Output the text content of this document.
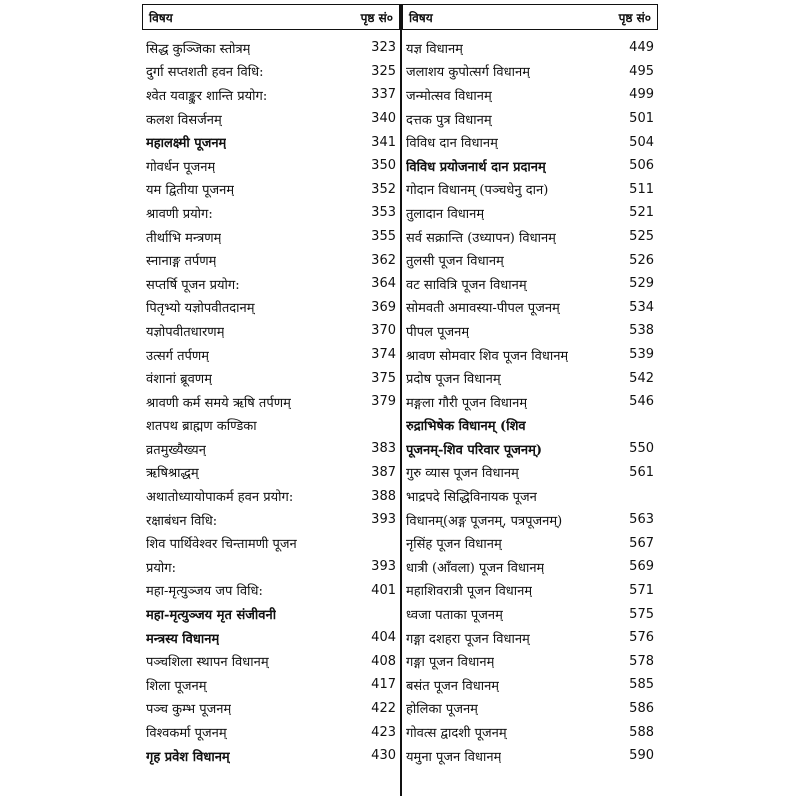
विषय	पृष्ठ सं०
सिद्ध कुञ्जिका स्तोत्रम्	323
दुर्गा सप्तशती हवन विधि:	325
श्वेत यवाङ्कुर शान्ति प्रयोग:	337
कलश विसर्जनम्	340
महालक्ष्मी पूजनम्	341
गोवर्धन पूजनम्	350
यम द्वितीया पूजनम्	352
श्रावणी प्रयोग:	353
तीर्थाभि मन्त्रणम्	355
स्नानाङ्ग तर्पणम्	362
सप्तर्षि पूजन प्रयोग:	364
पितृभ्यो यज्ञोपवीतदानम्	369
यज्ञोपवीतधारणम्	370
उत्सर्ग तर्पणम्	374
वंशानां ब्रूवणम्	375
श्रावणी कर्म समये ऋषि तर्पणम्	379
शतपथ ब्राह्मण कण्डिका
व्रतमुख्यैख्यन्	383
ऋषिश्राद्धम्	387
अथातोध्यायोपाकर्म हवन प्रयोग:	388
रक्षाबंधन विधि:	393
शिव पार्थिवेश्वर चिन्तामणी पूजन
प्रयोग:	393
महा-मृत्युञ्जय जप विधि:	401
महा-मृत्युञ्जय मृत संजीवनी
मन्त्रस्य विधानम्	404
पञ्चशिला स्थापन विधानम्	408
शिला पूजनम्	417
पञ्च कुम्भ पूजनम्	422
विश्वकर्मा पूजनम्	423
गृह प्रवेश विधानम्	430
विषय	पृष्ठ सं०
यज्ञ विधानम्	449
जलाशय कुपोत्सर्ग विधानम्	495
जन्मोत्सव विधानम्	499
दत्तक पुत्र विधानम्	501
विविध दान विधानम्	504
विविध प्रयोजनार्थ दान प्रदानम्	506
गोदान विधानम् (पञ्चधेनु दान)	511
तुलादान विधानम्	521
सर्व सक्रान्ति (उध्यापन) विधानम्	525
तुलसी पूजन विधानम्	526
वट सावित्रि पूजन विधानम्	529
सोमवती अमावस्या-पीपल पूजनम्	534
पीपल पूजनम्	538
श्रावण सोमवार शिव पूजन विधानम्	539
प्रदोष पूजन विधानम्	542
मङ्गला गौरी पूजन विधानम्	546
रुद्राभिषेक विधानम् (शिव
पूजनम्-शिव परिवार पूजनम्)	550
गुरु व्यास पूजन विधानम्	561
भाद्रपदे सिद्धिविनायक पूजन
विधानम्(अङ्ग पूजनम्, पत्रपूजनम्)	563
नृसिंह पूजन विधानम्	567
धात्री (आँवला) पूजन विधानम्	569
महाशिवरात्री पूजन विधानम्	571
ध्वजा पताका पूजनम्	575
गङ्गा दशहरा पूजन विधानम्	576
गङ्गा पूजन विधानम्	578
बसंत पूजन विधानम्	585
होलिका पूजनम्	586
गोवत्स द्वादशी पूजनम्	588
यमुना पूजन विधानम्	590
